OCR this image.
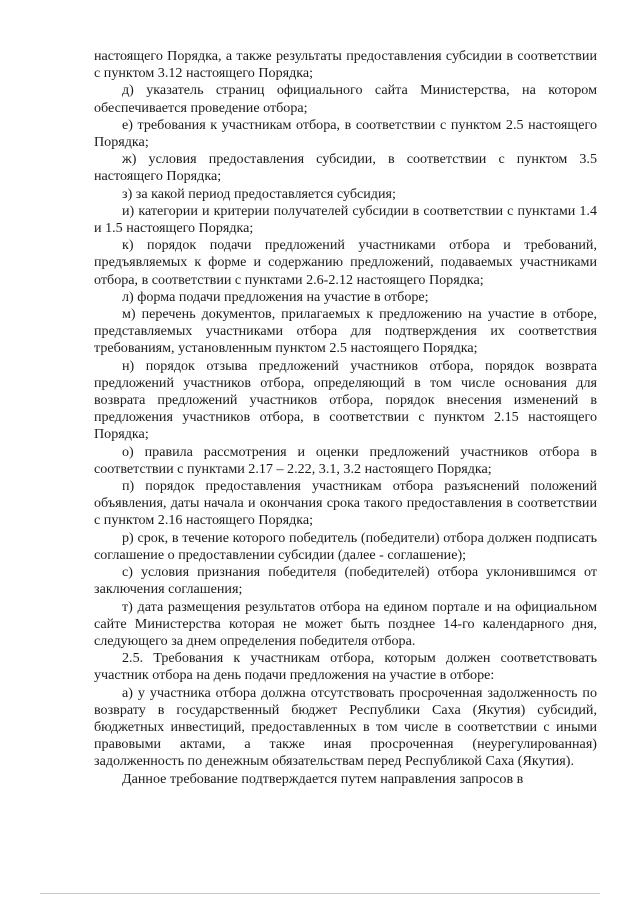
настоящего Порядка, а также результаты предоставления субсидии в соответствии с пунктом 3.12 настоящего Порядка;

д) указатель страниц официального сайта Министерства, на котором обеспечивается проведение отбора;

е) требования к участникам отбора, в соответствии с пунктом 2.5 настоящего Порядка;

ж) условия предоставления субсидии, в соответствии с пунктом 3.5 настоящего Порядка;

з) за какой период предоставляется субсидия;

и) категории и критерии получателей субсидии в соответствии с пунктами 1.4 и 1.5 настоящего Порядка;

к) порядок подачи предложений участниками отбора и требований, предъявляемых к форме и содержанию предложений, подаваемых участниками отбора, в соответствии с пунктами 2.6-2.12 настоящего Порядка;

л) форма подачи предложения на участие в отборе;

м) перечень документов, прилагаемых к предложению на участие в отборе, представляемых участниками отбора для подтверждения их соответствия требованиям, установленным пунктом 2.5 настоящего Порядка;

н) порядок отзыва предложений участников отбора, порядок возврата предложений участников отбора, определяющий в том числе основания для возврата предложений участников отбора, порядок внесения изменений в предложения участников отбора, в соответствии с пунктом 2.15 настоящего Порядка;

о) правила рассмотрения и оценки предложений участников отбора в соответствии с пунктами 2.17 – 2.22, 3.1, 3.2 настоящего Порядка;

п) порядок предоставления участникам отбора разъяснений положений объявления, даты начала и окончания срока такого предоставления в соответствии с пунктом 2.16 настоящего Порядка;

р) срок, в течение которого победитель (победители) отбора должен подписать соглашение о предоставлении субсидии (далее - соглашение);

с) условия признания победителя (победителей) отбора уклонившимся от заключения соглашения;

т) дата размещения результатов отбора на едином портале и на официальном сайте Министерства которая не может быть позднее 14-го календарного дня, следующего за днем определения победителя отбора.

2.5. Требования к участникам отбора, которым должен соответствовать участник отбора на день подачи предложения на участие в отборе:

а) у участника отбора должна отсутствовать просроченная задолженность по возврату в государственный бюджет Республики Саха (Якутия) субсидий, бюджетных инвестиций, предоставленных в том числе в соответствии с иными правовыми актами, а также иная просроченная (неурегулированная) задолженность по денежным обязательствам перед Республикой Саха (Якутия).

Данное требование подтверждается путем направления запросов в
